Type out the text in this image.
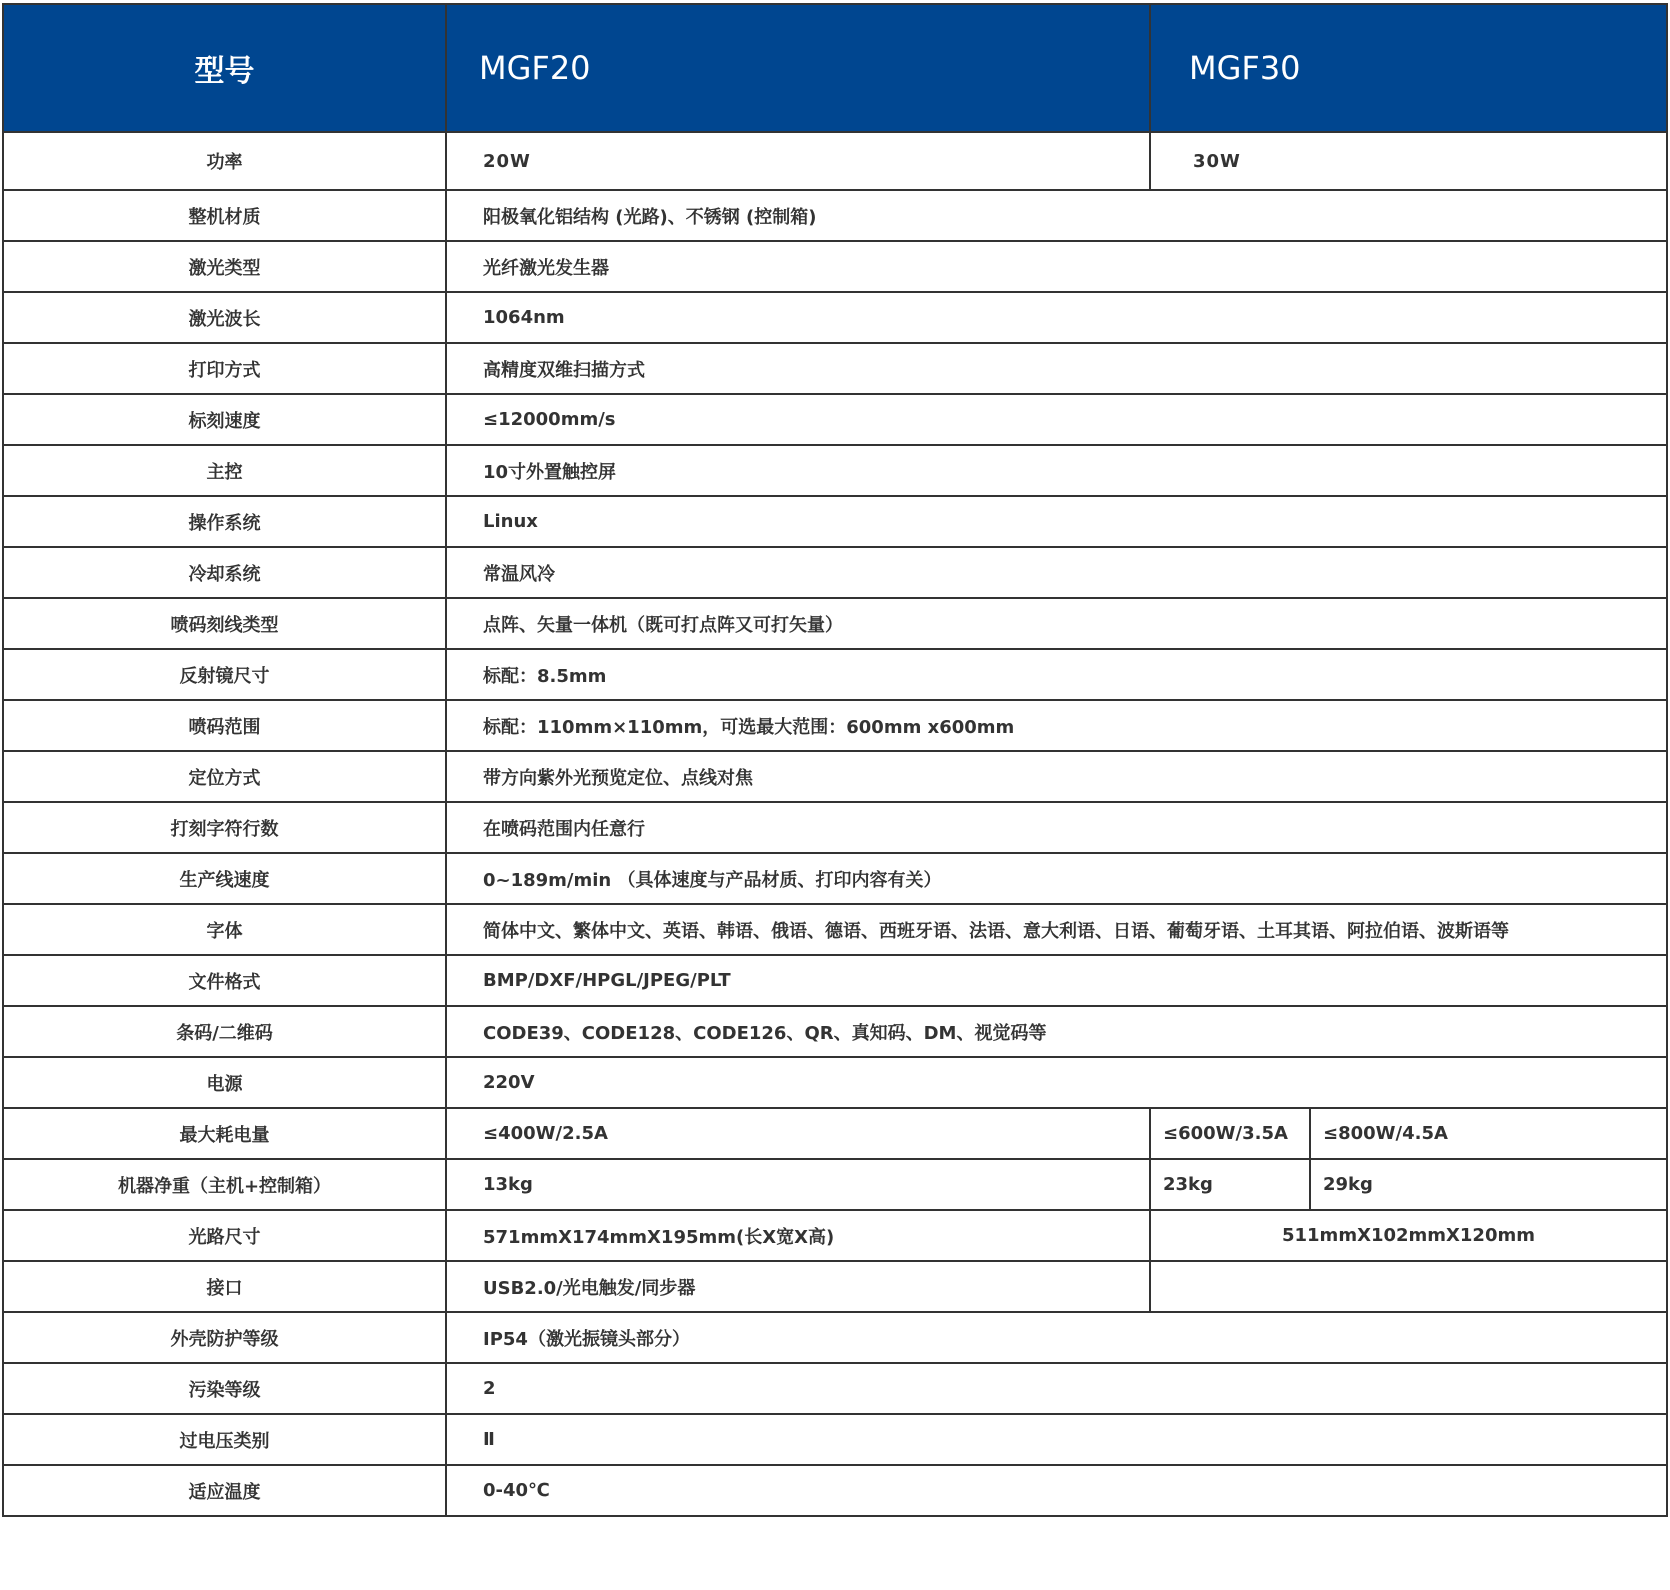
型号	MGF20	MGF30	
功率	20W	30W	
整机材质	阳极氧化铝结构 (光路)、不锈钢 (控制箱)		
激光类型	光纤激光发生器		
激光波长	1064nm		
打印方式	高精度双维扫描方式		
标刻速度	≤12000mm/s		
主控	10寸外置触控屏		
操作系统	Linux		
冷却系统	常温风冷		
喷码刻线类型	点阵、矢量一体机（既可打点阵又可打矢量）		
反射镜尺寸	标配：8.5mm		
喷码范围	标配：110mm×110mm，可选最大范围：600mm x600mm		
定位方式	带方向紫外光预览定位、点线对焦		
打刻字符行数	在喷码范围内任意行		
生产线速度	0~189m/min （具体速度与产品材质、打印内容有关）		
字体	简体中文、繁体中文、英语、韩语、俄语、德语、西班牙语、法语、意大利语、日语、葡萄牙语、土耳其语、阿拉伯语、波斯语等		
文件格式	BMP/DXF/HPGL/JPEG/PLT		
条码/二维码	CODE39、CODE128、CODE126、QR、真知码、DM、视觉码等		
电源	220V		
最大耗电量	≤400W/2.5A	≤600W/3.5A	≤800W/4.5A
机器净重（主机+控制箱）	13kg	23kg	29kg
光路尺寸	571mmX174mmX195mm(长X宽X高)	511mmX102mmX120mm	
接口	USB2.0/光电触发/同步器		
外壳防护等级	IP54（激光振镜头部分）		
污染等级	2		
过电压类别	Ⅱ		
适应温度	0-40℃		
